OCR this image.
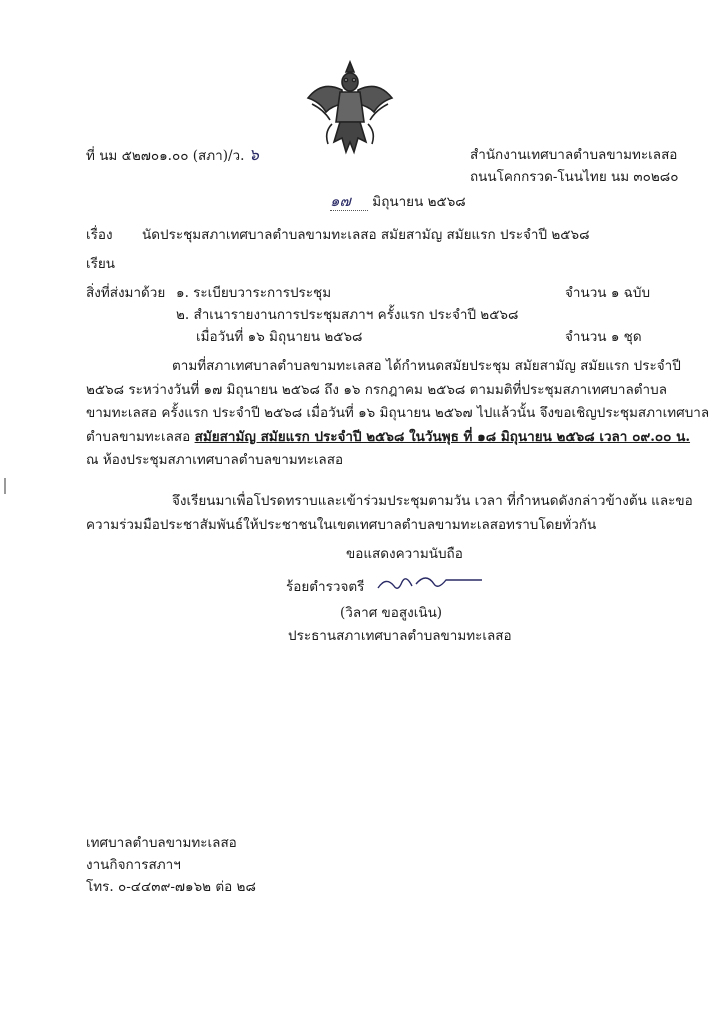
ที่ นม ๕๒๗๐๑.๐๐ (สภา)/ว. ๖	สำนักงานเทศบาลตำบลขามทะเลสอ
ถนนโคกกรวด-โนนไทย นม ๓๐๒๘๐
๑๗ มิถุนายน ๒๕๖๘
เรื่อง นัดประชุมสภาเทศบาลตำบลขามทะเลสอ สมัยสามัญ สมัยแรก ประจำปี ๒๕๖๘
เรียน
สิ่งที่ส่งมาด้วย ๑. ระเบียบวาระการประชุม	จำนวน ๑ ฉบับ
๒. สำเนารายงานการประชุมสภาฯ ครั้งแรก ประจำปี ๒๕๖๘
เมื่อวันที่ ๑๖ มิถุนายน ๒๕๖๘	จำนวน ๑ ชุด
ตามที่สภาเทศบาลตำบลขามทะเลสอ ได้กำหนดสมัยประชุม สมัยสามัญ สมัยแรก ประจำปี
๒๕๖๘ ระหว่างวันที่ ๑๗ มิถุนายน ๒๕๖๘ ถึง ๑๖ กรกฎาคม ๒๕๖๘ ตามมติที่ประชุมสภาเทศบาลตำบล
ขามทะเลสอ ครั้งแรก ประจำปี ๒๕๖๘ เมื่อวันที่ ๑๖ มิถุนายน ๒๕๖๗ ไปแล้วนั้น จึงขอเชิญประชุมสภาเทศบาล
ตำบลขามทะเลสอ สมัยสามัญ สมัยแรก ประจำปี ๒๕๖๘ ในวันพุธ ที่ ๑๘ มิถุนายน ๒๕๖๘ เวลา ๐๙.๐๐ น.
ณ ห้องประชุมสภาเทศบาลตำบลขามทะเลสอ
จึงเรียนมาเพื่อโปรดทราบและเข้าร่วมประชุมตามวัน เวลา ที่กำหนดดังกล่าวข้างต้น และขอ
ความร่วมมือประชาสัมพันธ์ให้ประชาชนในเขตเทศบาลตำบลขามทะเลสอทราบโดยทั่วกัน
ขอแสดงความนับถือ
ร้อยตำรวจตรี
(วิลาศ ขอสูงเนิน)
ประธานสภาเทศบาลตำบลขามทะเลสอ
เทศบาลตำบลขามทะเลสอ
งานกิจการสภาฯ
โทร. ๐-๔๔๓๙-๗๑๖๒ ต่อ ๒๘
